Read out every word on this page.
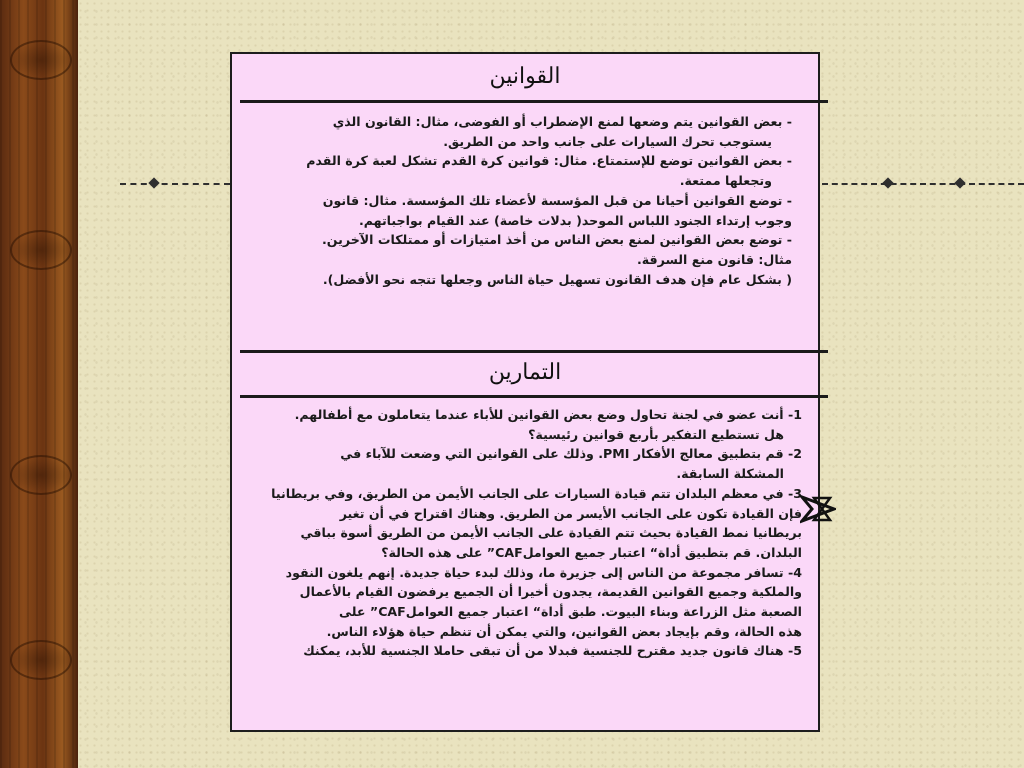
القوانين

- بعض القوانين يتم وضعها لمنع الإضطراب أو الفوضى، مثال: القانون الذي

يستوجب تحرك السيارات على جانب واحد من الطريق.

- بعض القوانين توضع للإستمتاع. مثال: قوانين كرة القدم تشكل لعبة كرة القدم

وتجعلها ممتعة.

- توضع القوانين أحيانا من قبل المؤسسة لأعضاء تلك المؤسسة. مثال: قانون

وجوب إرتداء الجنود اللباس الموحد( بدلات خاصة) عند القيام بواجباتهم.

- توضع بعض القوانين لمنع بعض الناس من أخذ امتيازات أو ممتلكات الآخرين.

مثال: قانون منع السرقة.

( بشكل عام فإن هدف القانون تسهيل حياة الناس وجعلها تتجه نحو الأفضل).

التمارين

1- أنت عضو في لجنة تحاول وضع بعض القوانين للأباء عندما يتعاملون مع أطفالهم.

هل تستطيع التفكير بأربع قوانين رئيسية؟

2- قم بتطبيق معالج الأفكار PMI. وذلك على القوانين التي وضعت للآباء في

المشكلة السابقة.

3- في معظم البلدان تتم قيادة السيارات على الجانب الأيمن من الطريق، وفي بريطانيا

فإن القيادة تكون على الجانب الأيسر من الطريق. وهناك اقتراح في أن تغير

بريطانيا نمط القيادة بحيث تتم القيادة على الجانب الأيمن من الطريق أسوة بباقي

البلدان. قم بتطبيق أداة“ اعتبار جميع العواملCAF” على هذه الحالة؟

4- تسافر مجموعة من الناس إلى جزيرة ما، وذلك لبدء حياة جديدة. إنهم يلغون النقود

والملكية وجميع القوانين القديمة، يجدون أخيرا أن الجميع يرفضون القيام بالأعمال

الصعبة مثل الزراعة وبناء البيوت. طبق أداة“ اعتبار جميع العواملCAF” على

هذه الحالة، وقم بإيجاد بعض القوانين، والتي يمكن أن تنظم حياة هؤلاء الناس.

5- هناك قانون جديد مقترح للجنسية فبدلا من أن تبقى حاملا الجنسية للأبد، يمكنك
